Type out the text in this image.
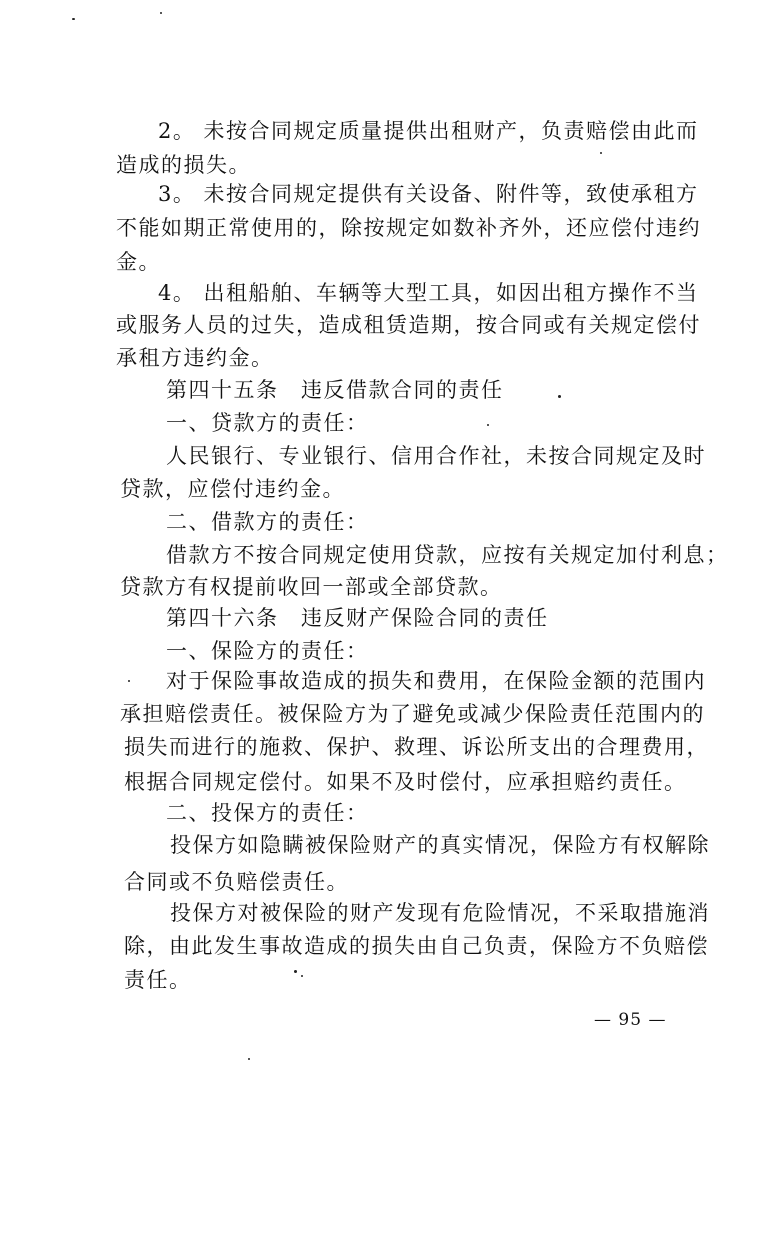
2。 未按合同规定质量提供出租财产，负责赔偿由此而
造成的损失。
3。 未按合同规定提供有关设备、附件等，致使承租方
不能如期正常使用的，除按规定如数补齐外，还应偿付违约
金。
4。 出租船舶、车辆等大型工具，如因出租方操作不当
或服务人员的过失，造成租赁造期，按合同或有关规定偿付
承租方违约金。
第四十五条　违反借款合同的责任
一、贷款方的责任：
人民银行、专业银行、信用合作社，未按合同规定及时
贷款，应偿付违约金。
二、借款方的责任：
借款方不按合同规定使用贷款，应按有关规定加付利息；
贷款方有权提前收回一部或全部贷款。
第四十六条　违反财产保险合同的责任
一、保险方的责任：
对于保险事故造成的损失和费用，在保险金额的范围内
承担赔偿责任。被保险方为了避免或减少保险责任范围内的
损失而进行的施救、保护、救理、诉讼所支出的合理费用，
根据合同规定偿付。如果不及时偿付，应承担赔约责任。
二、投保方的责任：
投保方如隐瞒被保险财产的真实情况，保险方有权解除
合同或不负赔偿责任。
投保方对被保险的财产发现有危险情况，不采取措施消
除，由此发生事故造成的损失由自己负责，保险方不负赔偿
责任。
— 95 —
